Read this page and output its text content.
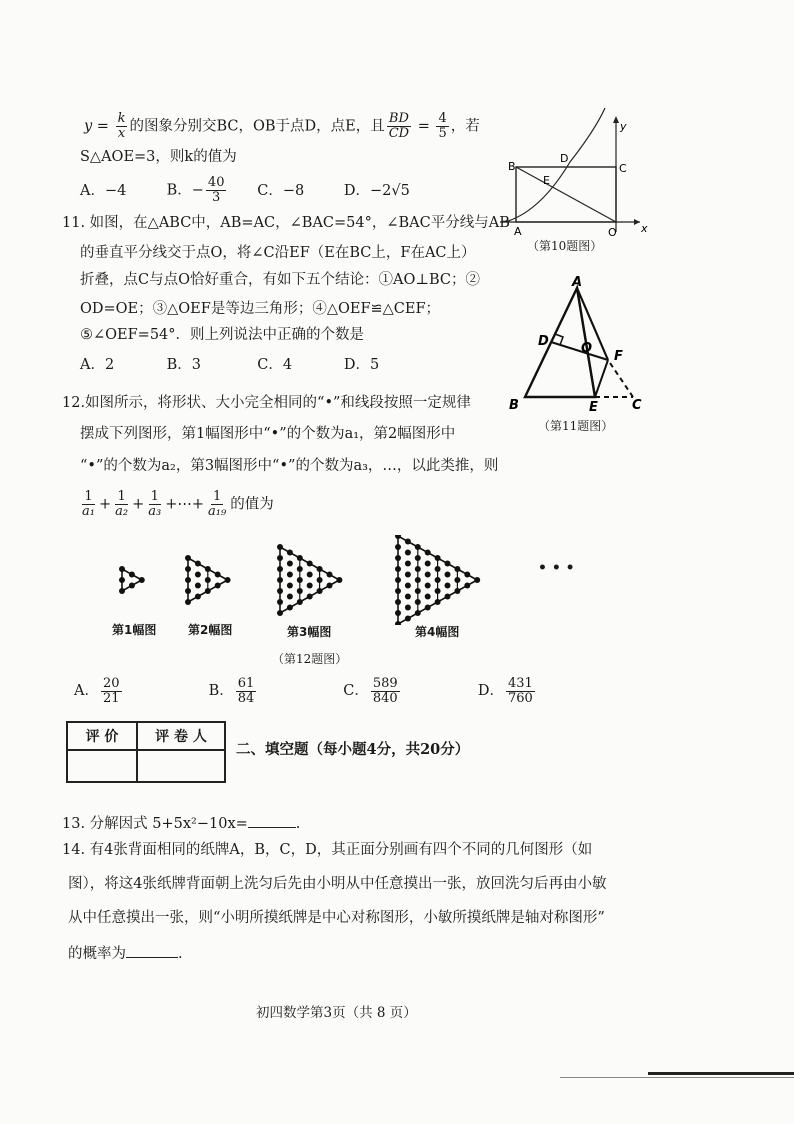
$y = \frac{k}{x}$ 的图象分别交BC，OB于点D，点E，且 $\frac{BD}{CD} = \frac{4}{5}$ ，若
S△AOE=3，则k的值为
A．−4	B．− $\frac{40}{3}$ C．−8	D．−2√5
B
D
C
E
A	O x
y
（第10题图）
11. 如图，在△ABC中，AB=AC，∠BAC=54°，∠BAC平分线与AB
的垂直平分线交于点O，将∠C沿EF（E在BC上，F在AC上）
折叠，点C与点O恰好重合，有如下五个结论：①AO⊥BC；②
OD=OE；③△OEF是等边三角形；④△OEF≌△CEF；
⑤∠OEF=54°．则上列说法中正确的个数是
A．2	B．3	C．4	D．5
A
D O
F
B	E	C
（第11题图）
12.如图所示，将形状、大小完全相同的“•”和线段按照一定规律
摆成下列图形，第1幅图形中“•”的个数为a₁，第2幅图形中
“•”的个数为a₂，第3幅图形中“•”的个数为a₃，…，以此类推，则
$\frac{1}{\text{a₁}} + \frac{1}{\text{a₂}} + \frac{1}{\text{a₃}}$ +⋯+ $\frac{1}{\text{a₁₉}}$ 的值为
第1幅图	第2幅图	第3幅图	第4幅图
• • •
（第12题图）
A． $\frac{20}{21}$	B． $\frac{61}{84}$	C． $\frac{589}{840}$	D． $\frac{431}{760}$
评 价	评 卷 人

二、填空题（每小题4分，共20分）
13. 分解因式 5+5x²−10x=	.
14. 有4张背面相同的纸牌A，B，C，D，其正面分别画有四个不同的几何图形（如
图），将这4张纸牌背面朝上洗匀后先由小明从中任意摸出一张，放回洗匀后再由小敏
从中任意摸出一张，则“小明所摸纸牌是中心对称图形，小敏所摸纸牌是轴对称图形”
的概率为	.
初四数学第3页（共 8 页）
